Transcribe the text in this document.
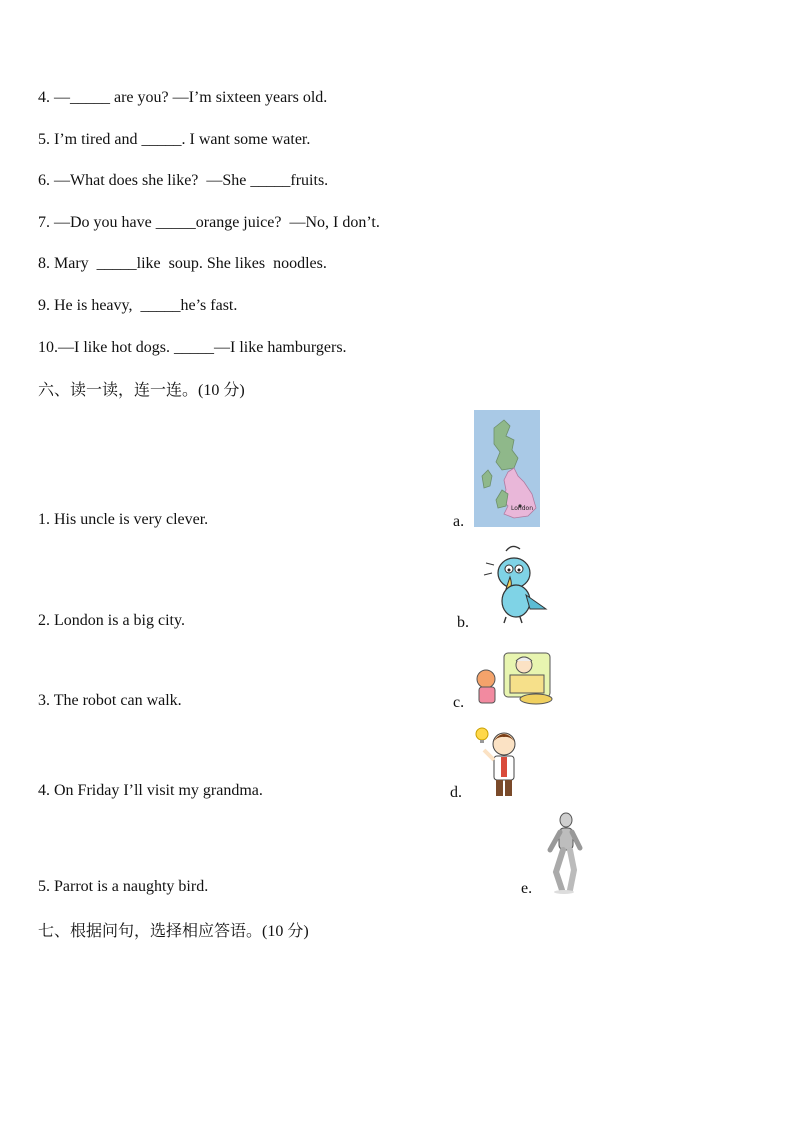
4. —_____ are you? —I’m sixteen years old.
5. I’m tired and _____. I want some water.
6. —What does she like?  —She _____fruits.
7. —Do you have _____orange juice?  —No, I don’t.
8. Mary  _____like  soup. She likes  noodles.
9. He is heavy,  _____he’s fast.
10.—I like hot dogs. _____—I like hamburgers.
六、读一读，连一连。(10 分)
1. His uncle is very clever.	a.
London
2. London is a big city.	b.
3. The robot can walk.	c.
4. On Friday I’ll visit my grandma.	d.
5. Parrot is a naughty bird.	e.
七、根据问句，选择相应答语。(10 分)
